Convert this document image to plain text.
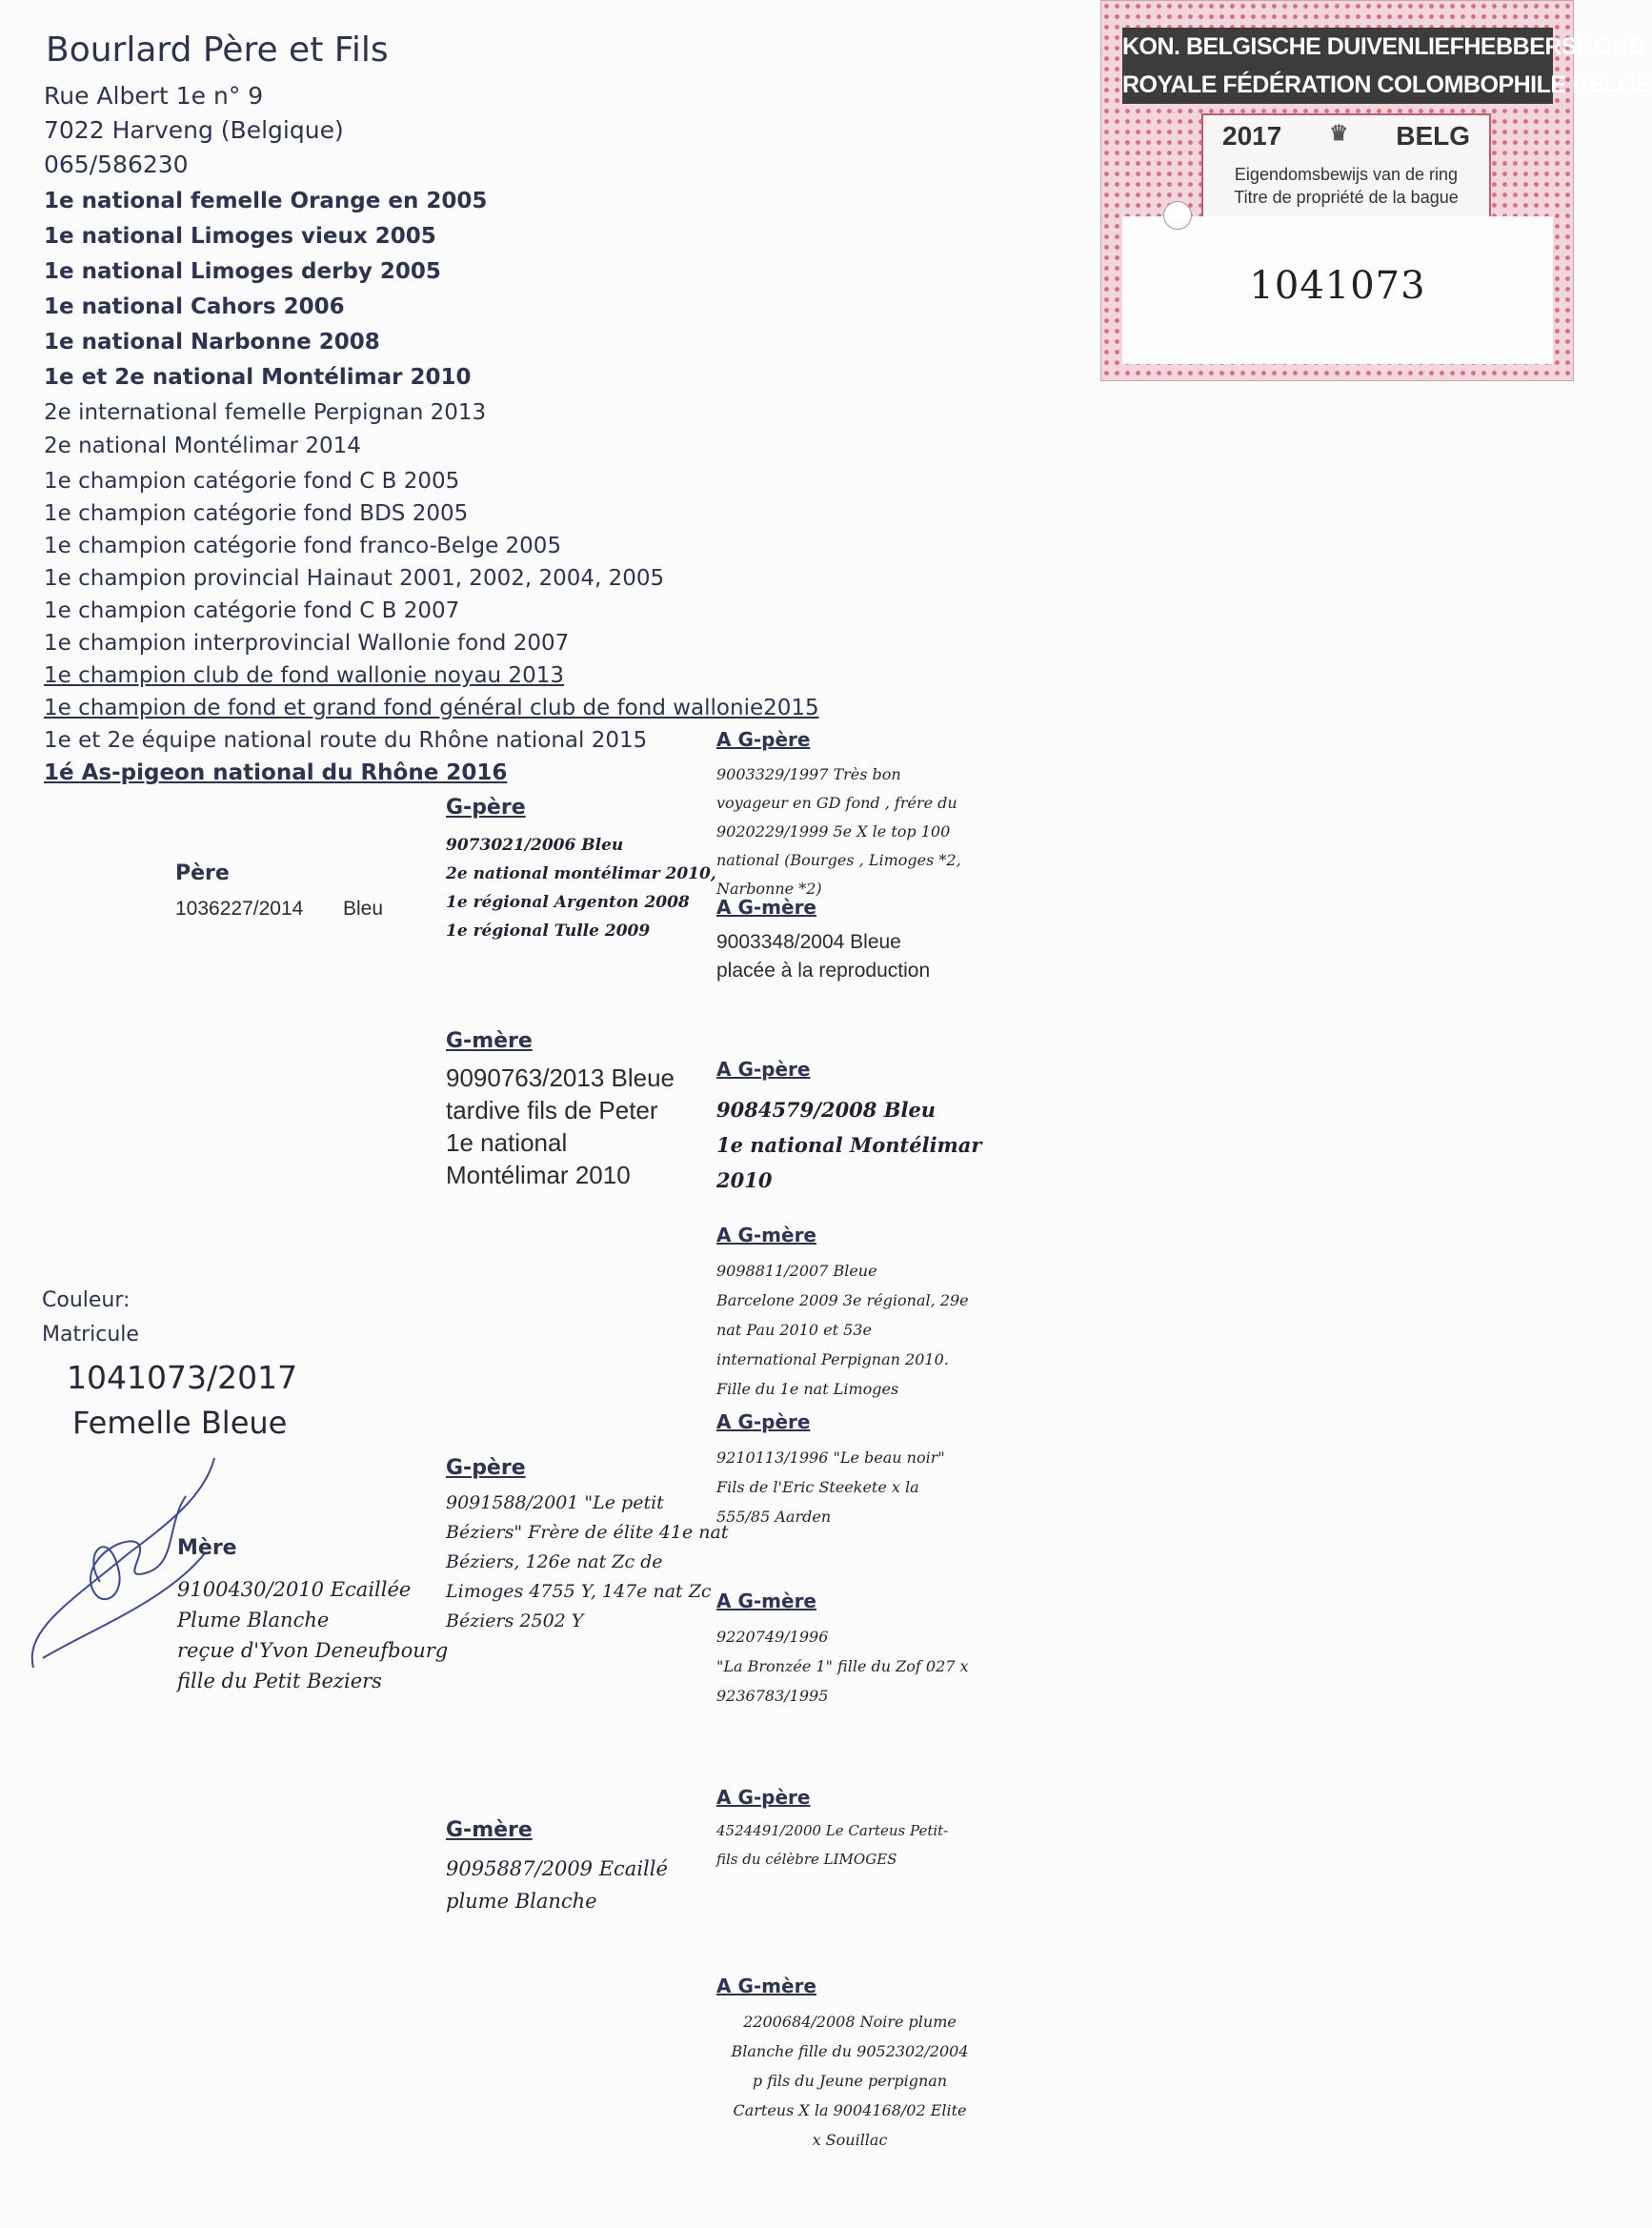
Bourlard Père et Fils
Rue Albert 1e n° 9
7022 Harveng (Belgique)
065/586230
1e national femelle Orange en 2005
1e national Limoges vieux 2005
1e national Limoges derby 2005
1e national Cahors 2006
1e national Narbonne 2008
1e et 2e national Montélimar 2010
2e international femelle Perpignan 2013
2e national Montélimar 2014
1e champion catégorie fond C B 2005
1e champion catégorie fond BDS 2005
1e champion catégorie fond franco-Belge 2005
1e champion provincial Hainaut 2001, 2002, 2004, 2005
1e champion catégorie fond C B 2007
1e champion interprovincial Wallonie fond 2007
1e champion club de fond wallonie noyau 2013
1e champion de fond et grand fond général club de fond wallonie2015
1e et 2e équipe national route du Rhône national 2015
1é As-pigeon national du Rhône 2016
KON. BELGISCHE DUIVENLIEFHEBBERSBOND
ROYALE FÉDÉRATION COLOMBOPHILE BELGE
2017 ♛ BELG
Eigendomsbewijs van de ring
Titre de propriété de la bague
1041073
Couleur:
Matricule
1041073/2017
Femelle Bleue
Père
1036227/2014 Bleu
Mère
9100430/2010 Ecaillée
Plume Blanche
reçue d'Yvon Deneufbourg
fille du Petit Beziers
G-père
9073021/2006 Bleu
2e national montélimar 2010,
1e régional Argenton 2008
1e régional Tulle 2009
G-mère
9090763/2013 Bleue
tardive fils de Peter
1e national
Montélimar 2010
G-père
9091588/2001 "Le petit
Béziers" Frère de élite 41e nat
Béziers, 126e nat Zc de
Limoges 4755 Y, 147e nat Zc
Béziers 2502 Y
G-mère
9095887/2009 Ecaillé
plume Blanche
A G-père
9003329/1997 Très bon
voyageur en GD fond , frére du
9020229/1999 5e X le top 100
national (Bourges , Limoges *2,
Narbonne *2)
A G-mère
9003348/2004 Bleue
placée à la reproduction
A G-père
9084579/2008 Bleu
1e national Montélimar
2010
A G-mère
9098811/2007 Bleue
Barcelone 2009 3e régional, 29e
nat Pau 2010 et 53e
international Perpignan 2010.
Fille du 1e nat Limoges
A G-père
9210113/1996 "Le beau noir"
Fils de l'Eric Steekete x la
555/85 Aarden
A G-mère
9220749/1996
"La Bronzée 1" fille du Zof 027 x
9236783/1995
A G-père
4524491/2000 Le Carteus Petit-
fils du célèbre LIMOGES
A G-mère
2200684/2008 Noire plume
Blanche fille du 9052302/2004
p fils du Jeune perpignan
Carteus X la 9004168/02 Elite
x Souillac
